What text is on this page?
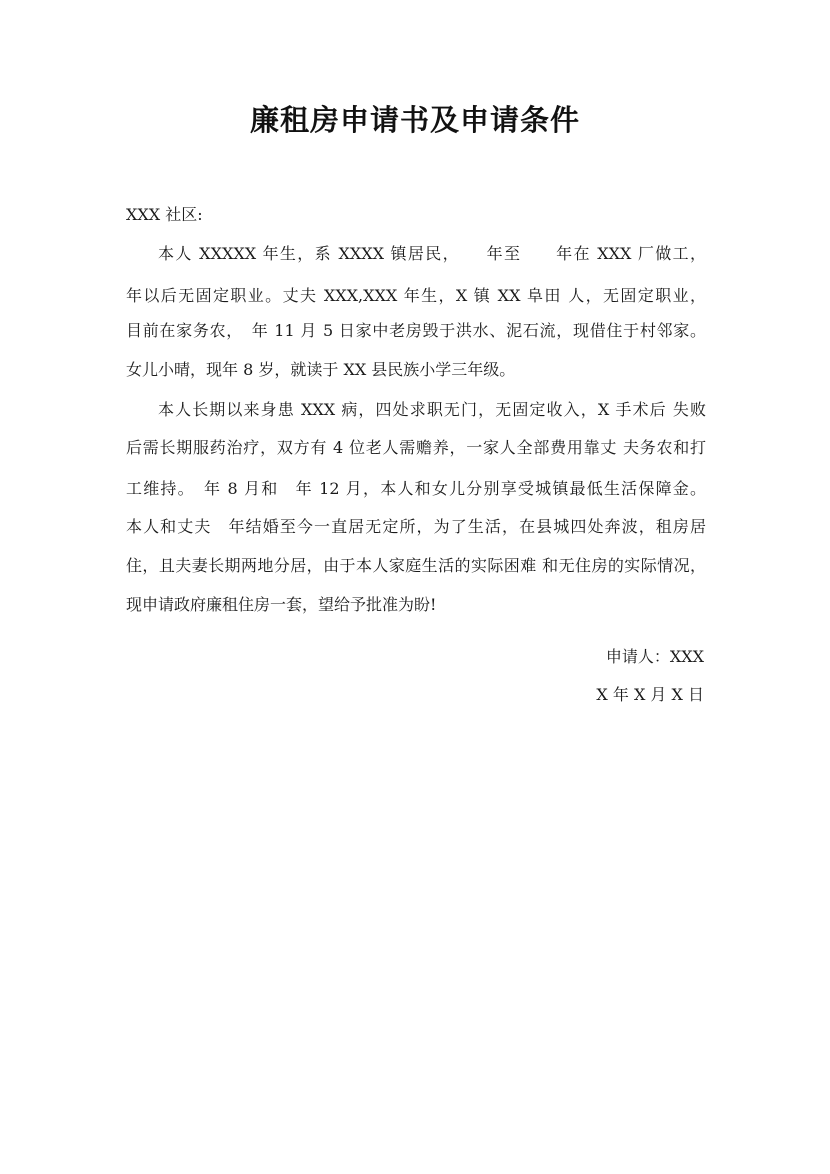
廉租房申请书及申请条件
XXX 社区:
本人 XXXXX 年生，系 XXXX 镇居民，　　年至　　年在 XXX 厂做工，
年以后无固定职业。丈夫 XXX,XXX 年生，X 镇 XX 阜田 人，无固定职业，
目前在家务农，　年 11 月 5 日家中老房毁于洪水、泥石流，现借住于村邻家。
女儿小晴，现年 8 岁，就读于 XX 县民族小学三年级。
本人长期以来身患 XXX 病，四处求职无门，无固定收入，X 手术后 失败
后需长期服药治疗，双方有 4 位老人需赡养，一家人全部费用靠丈 夫务农和打
工维持。　年 8 月和　年 12 月，本人和女儿分别享受城镇最低生活保障金。
本人和丈夫　年结婚至今一直居无定所，为了生活，在县城四处奔波，租房居
住，且夫妻长期两地分居，由于本人家庭生活的实际困难 和无住房的实际情况，
现申请政府廉租住房一套，望给予批准为盼!
申请人：XXX
X 年 X 月 X 日
